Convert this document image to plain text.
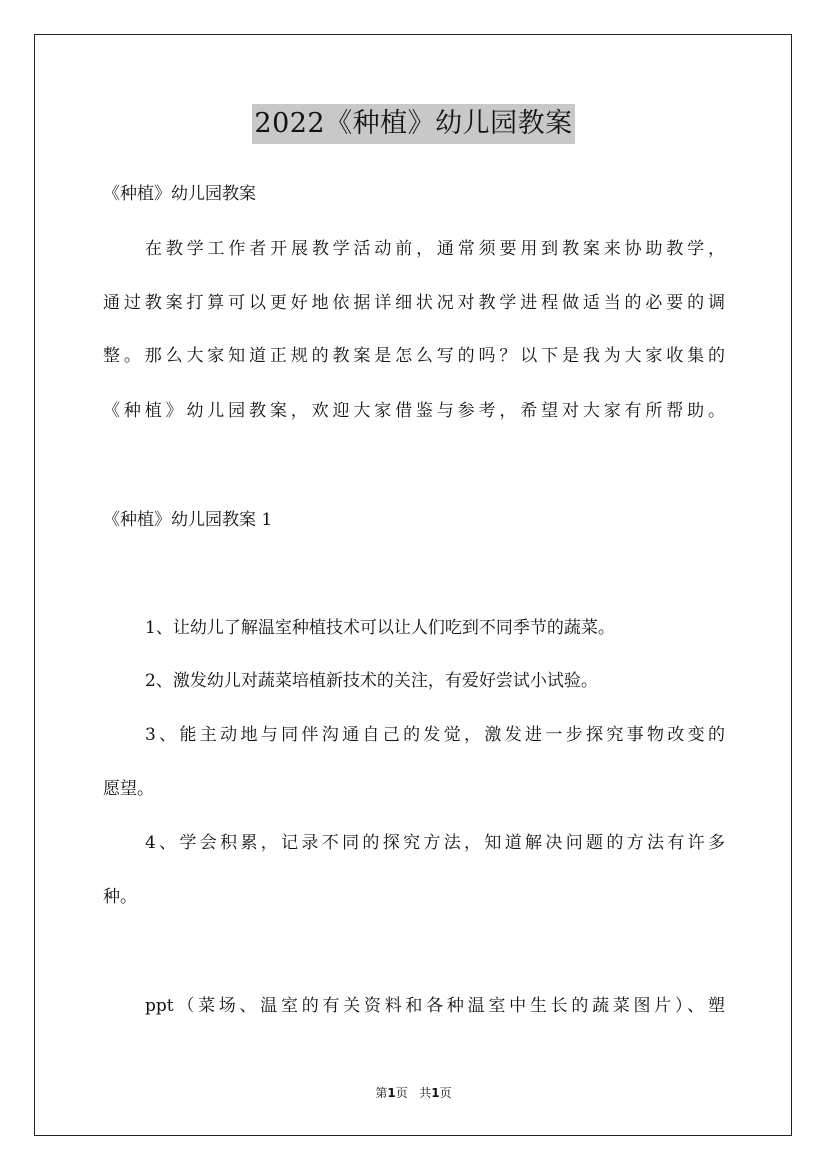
2022《种植》幼儿园教案
《种植》幼儿园教案
在教学工作者开展教学活动前，通常须要用到教案来协助教学，
通过教案打算可以更好地依据详细状况对教学进程做适当的必要的调
整。那么大家知道正规的教案是怎么写的吗？以下是我为大家收集的
《种植》幼儿园教案，欢迎大家借鉴与参考，希望对大家有所帮助。
《种植》幼儿园教案 1
1、让幼儿了解温室种植技术可以让人们吃到不同季节的蔬菜。
2、激发幼儿对蔬菜培植新技术的关注，有爱好尝试小试验。
3、能主动地与同伴沟通自己的发觉，激发进一步探究事物改变的
愿望。
4、学会积累，记录不同的探究方法，知道解决问题的方法有许多
种。
ppt（菜场、温室的有关资料和各种温室中生长的蔬菜图片）、塑
第1页 共1页
